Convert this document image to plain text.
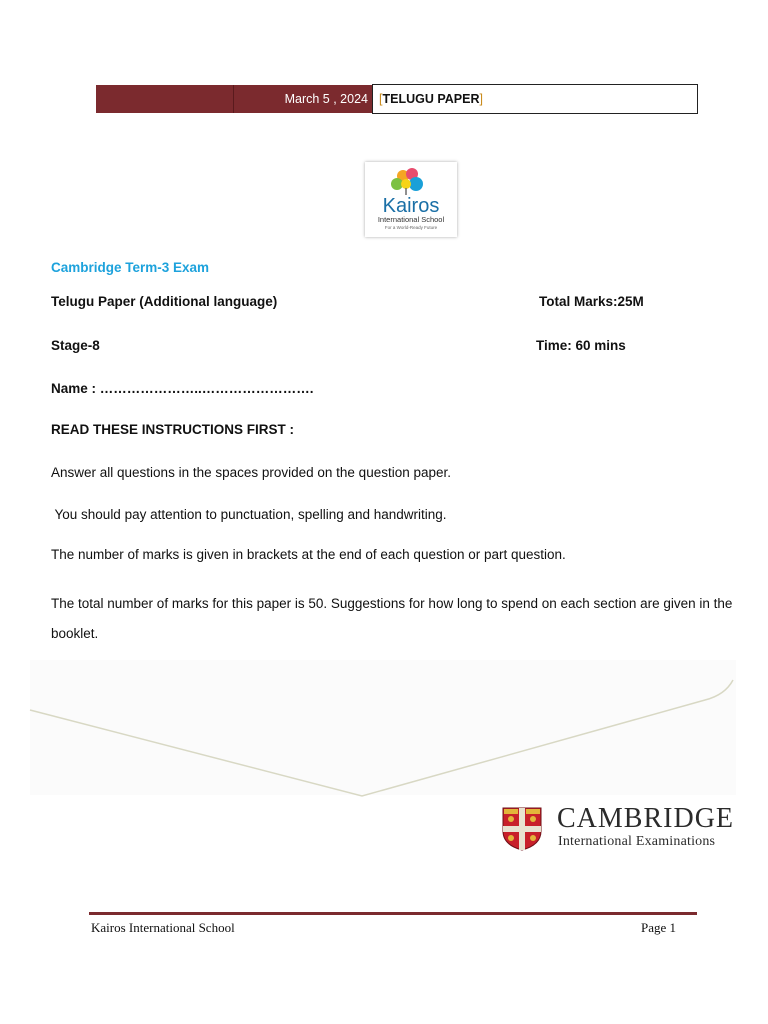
March 5 , 2024 [TELUGU PAPER]
Kairos
International School
For a World-Ready Future
Cambridge Term-3 Exam
Telugu Paper (Additional language)	Total Marks:25M
Stage-8	Time: 60 mins
Name : …………………..…………………….
READ THESE INSTRUCTIONS FIRST :
Answer all questions in the spaces provided on the question paper.
You should pay attention to punctuation, spelling and handwriting.
The number of marks is given in brackets at the end of each question or part question.
The total number of marks for this paper is 50. Suggestions for how long to spend on each section are given in the booklet.
CAMBRIDGE
International Examinations
Kairos International School	Page 1
